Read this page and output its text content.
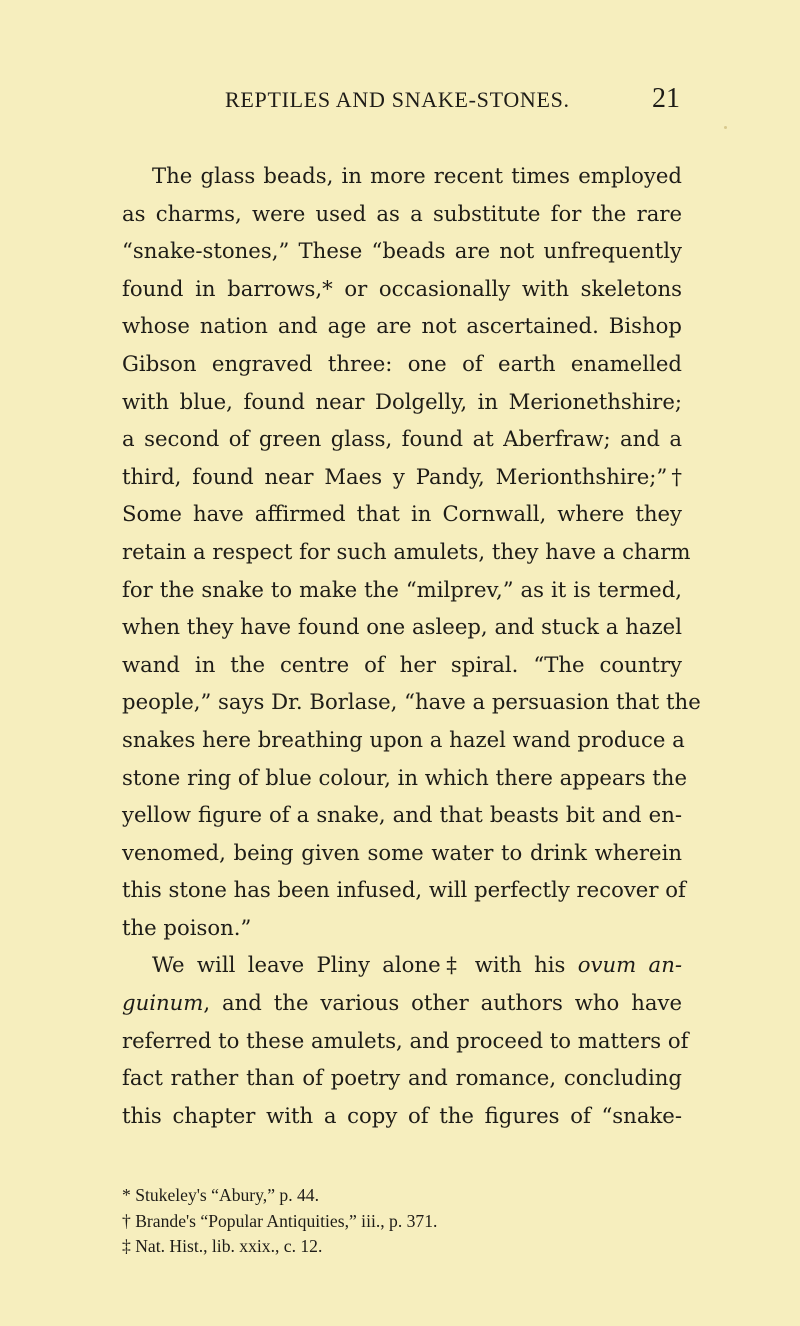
REPTILES AND SNAKE-STONES.	21
The glass beads, in more recent times employed
as charms, were used as a substitute for the rare
“snake-stones,” These “beads are not unfrequently
found in barrows,* or occasionally with skeletons
whose nation and age are not ascertained. Bishop
Gibson engraved three: one of earth enamelled
with blue, found near Dolgelly, in Merionethshire;
a second of green glass, found at Aberfraw; and a
third, found near Maes y Pandy, Merionthshire;”†
Some have affirmed that in Cornwall, where they
retain a respect for such amulets, they have a charm
for the snake to make the “milprev,” as it is termed,
when they have found one asleep, and stuck a hazel
wand in the centre of her spiral. “The country
people,” says Dr. Borlase, “have a persuasion that the
snakes here breathing upon a hazel wand produce a
stone ring of blue colour, in which there appears the
yellow figure of a snake, and that beasts bit and en-
venomed, being given some water to drink wherein
this stone has been infused, will perfectly recover of
the poison.”
We will leave Pliny alone‡ with his ovum an-
guinum, and the various other authors who have
referred to these amulets, and proceed to matters of
fact rather than of poetry and romance, concluding
this chapter with a copy of the figures of “snake-
* Stukeley's “Abury,” p. 44.
† Brande's “Popular Antiquities,” iii., p. 371.
‡ Nat. Hist., lib. xxix., c. 12.
